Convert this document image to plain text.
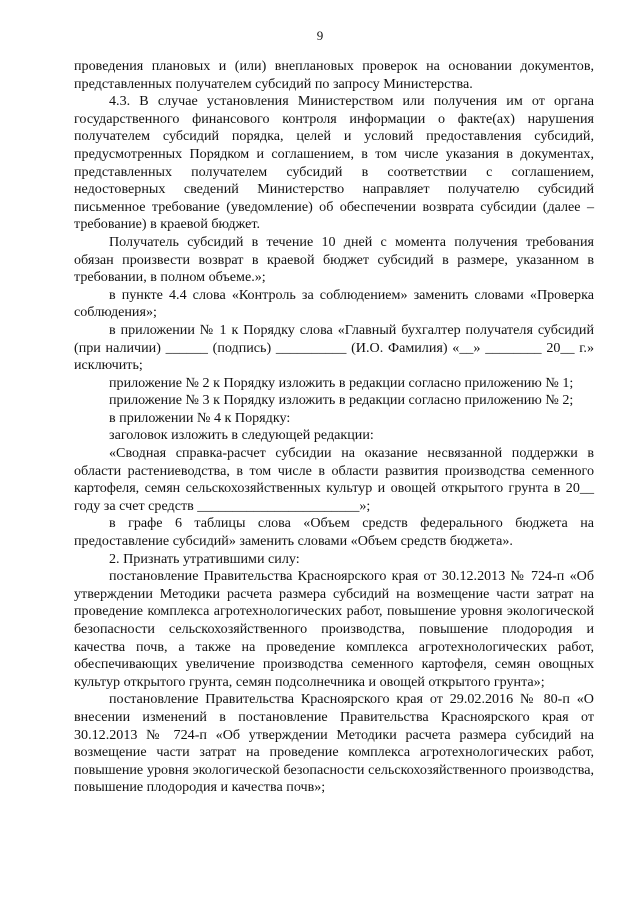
9

проведения плановых и (или) внеплановых проверок на основании документов, представленных получателем субсидий по запросу Министерства.

4.3. В случае установления Министерством или получения им от органа государственного финансового контроля информации о факте(ах) нарушения получателем субсидий порядка, целей и условий предоставления субсидий, предусмотренных Порядком и соглашением, в том числе указания в документах, представленных получателем субсидий в соответствии с соглашением, недостоверных сведений Министерство направляет получателю субсидий письменное требование (уведомление) об обеспечении возврата субсидии (далее – требование) в краевой бюджет.

Получатель субсидий в течение 10 дней с момента получения требования обязан произвести возврат в краевой бюджет субсидий в размере, указанном в требовании, в полном объеме.»;

в пункте 4.4 слова «Контроль за соблюдением» заменить словами «Проверка соблюдения»;

в приложении № 1 к Порядку слова «Главный бухгалтер получателя субсидий (при наличии) ______ (подпись) __________ (И.О. Фамилия) «__» ________ 20__ г.» исключить;

приложение № 2 к Порядку изложить в редакции согласно приложению № 1;

приложение № 3 к Порядку изложить в редакции согласно приложению № 2;

в приложении № 4 к Порядку:

заголовок изложить в следующей редакции:

«Сводная справка-расчет субсидии на оказание несвязанной поддержки в области растениеводства, в том числе в области развития производства семенного картофеля, семян сельскохозяйственных культур и овощей открытого грунта в 20__ году за счет средств _______________________»;

в графе 6 таблицы слова «Объем средств федерального бюджета на предоставление субсидий» заменить словами «Объем средств бюджета».

2. Признать утратившими силу:

постановление Правительства Красноярского края от 30.12.2013 № 724-п «Об утверждении Методики расчета размера субсидий на возмещение части затрат на проведение комплекса агротехнологических работ, повышение уровня экологической безопасности сельскохозяйственного производства, повышение плодородия и качества почв, а также на проведение комплекса агротехнологических работ, обеспечивающих увеличение производства семенного картофеля, семян овощных культур открытого грунта, семян подсолнечника и овощей открытого грунта»;

постановление Правительства Красноярского края от 29.02.2016 № 80-п «О внесении изменений в постановление Правительства Красноярского края от 30.12.2013 № 724-п «Об утверждении Методики расчета размера субсидий на возмещение части затрат на проведение комплекса агротехнологических работ, повышение уровня экологической безопасности сельскохозяйственного производства, повышение плодородия и качества почв»;
